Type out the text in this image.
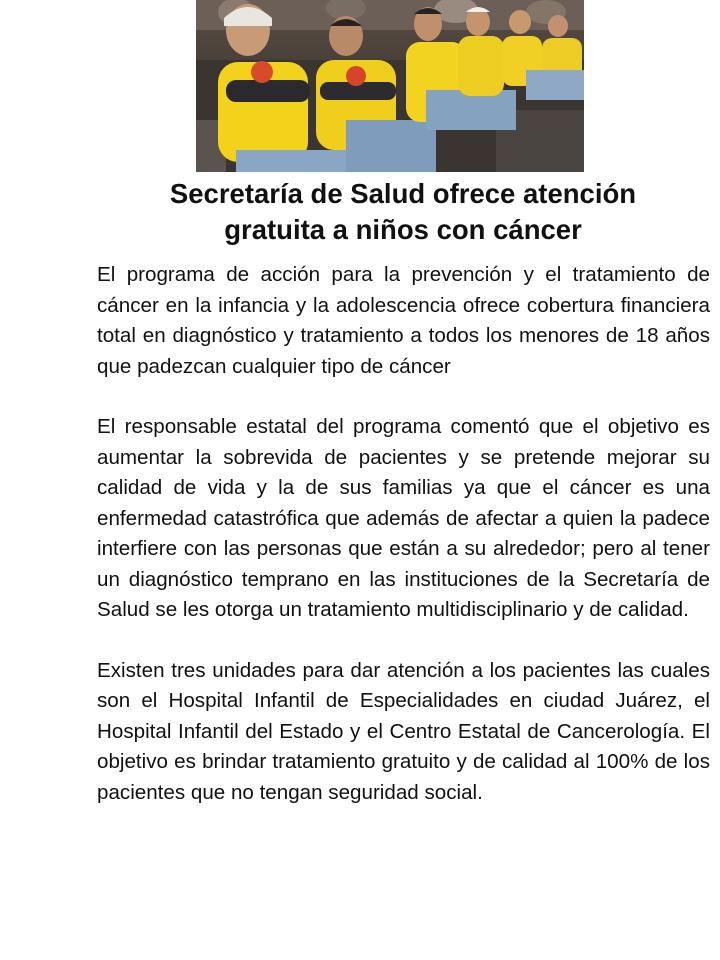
Secretaría de Salud ofrece atención
gratuita a niños con cáncer

El programa de acción para la prevención y el tratamiento de cáncer en la infancia y la adolescencia ofrece cobertura financiera total en diagnóstico y tratamiento a todos los menores de 18 años que padezcan cualquier tipo de cáncer

El responsable estatal del programa comentó que el objetivo es aumentar la sobrevida de pacientes y se pretende mejorar su calidad de vida y la de sus familias ya que el cáncer es una enfermedad catastrófica que además de afectar a quien la padece interfiere con las personas que están a su alrededor; pero al tener un diagnóstico temprano en las instituciones de la Secretaría de Salud se les otorga un tratamiento multidisciplinario y de calidad.

Existen tres unidades para dar atención a los pacientes las cuales son el Hospital Infantil de Especialidades en ciudad Juárez, el Hospital Infantil del Estado y el Centro Estatal de Cancerología. El objetivo es brindar tratamiento gratuito y de calidad al 100% de los pacientes que no tengan seguridad social.
